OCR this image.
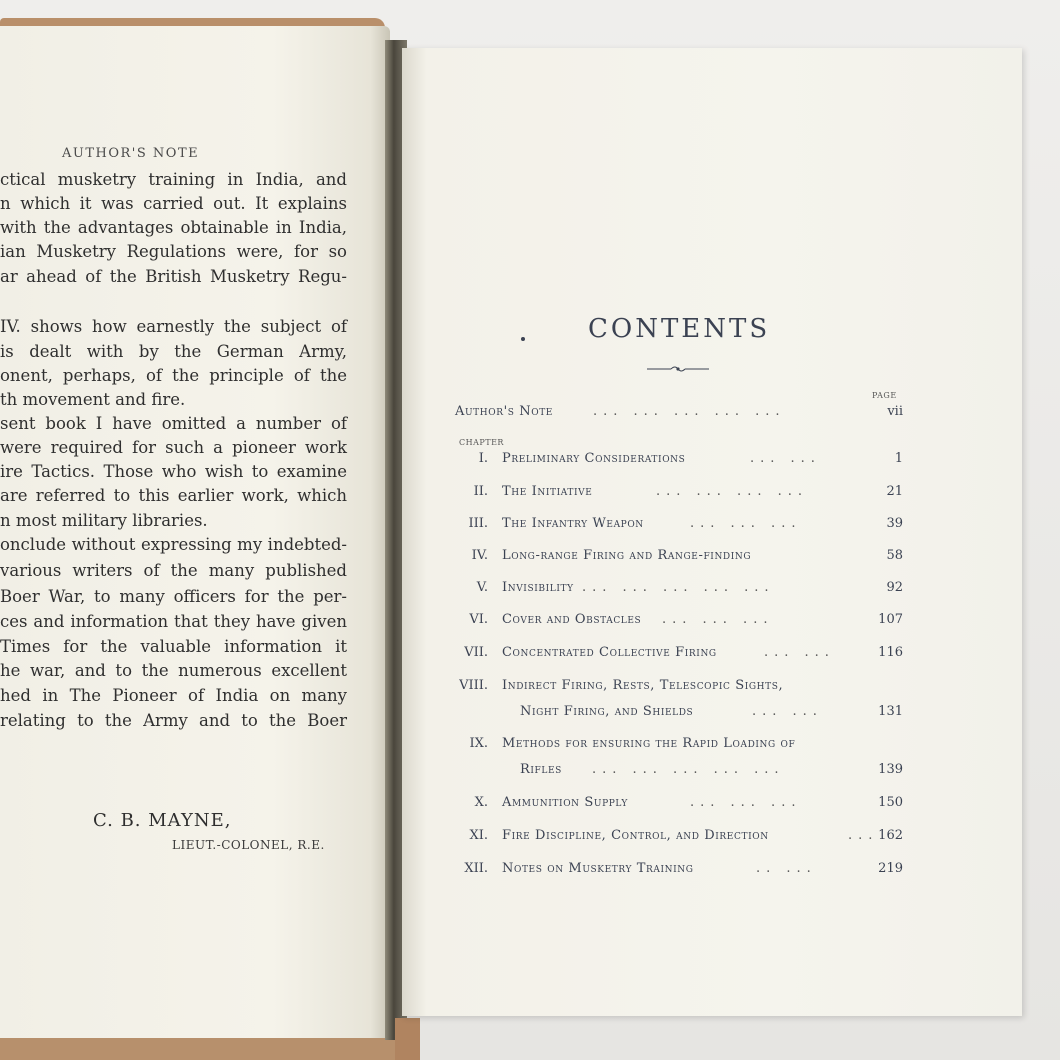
AUTHOR'S NOTE
ctical musketry training in India, and
n which it was carried out. It explains
with the advantages obtainable in India,
ian Musketry Regulations were, for so
ar ahead of the British Musketry Regu-
IV. shows how earnestly the subject of
is dealt with by the German Army,
onent, perhaps, of the principle of the
th movement and fire.
sent book I have omitted a number of
were required for such a pioneer work
ire Tactics. Those who wish to examine
are referred to this earlier work, which
n most military libraries.
onclude without expressing my indebted-
various writers of the many published
Boer War, to many officers for the per-
ces and information that they have given
Times for the valuable information it
he war, and to the numerous excellent
hed in The Pioneer of India on many
relating to the Army and to the Boer
C. B. MAYNE,
LIEUT.-COLONEL, R.E.
CONTENTS
PAGE
Author's Note	... ... ... ... ...	vii
CHAPTER
I. Preliminary Considerations	... ...	1
II. The Initiative	... ... ... ...	21
III. The Infantry Weapon	... ... ...	39
IV. Long-range Firing and Range-finding	58
V. Invisibility ... ... ... ... ...	92
VI. Cover and Obstacles ... ... ...	107
VII. Concentrated Collective Firing	... ...	116
VIII. Indirect Firing, Rests, Telescopic Sights,
Night Firing, and Shields	... ...	131
IX. Methods for ensuring the Rapid Loading of
Rifles ... ... ... ... ...	139
X. Ammunition Supply	... ... ...	150
XI. Fire Discipline, Control, and Direction	... 162
XII. Notes on Musketry Training	.. ...	219
